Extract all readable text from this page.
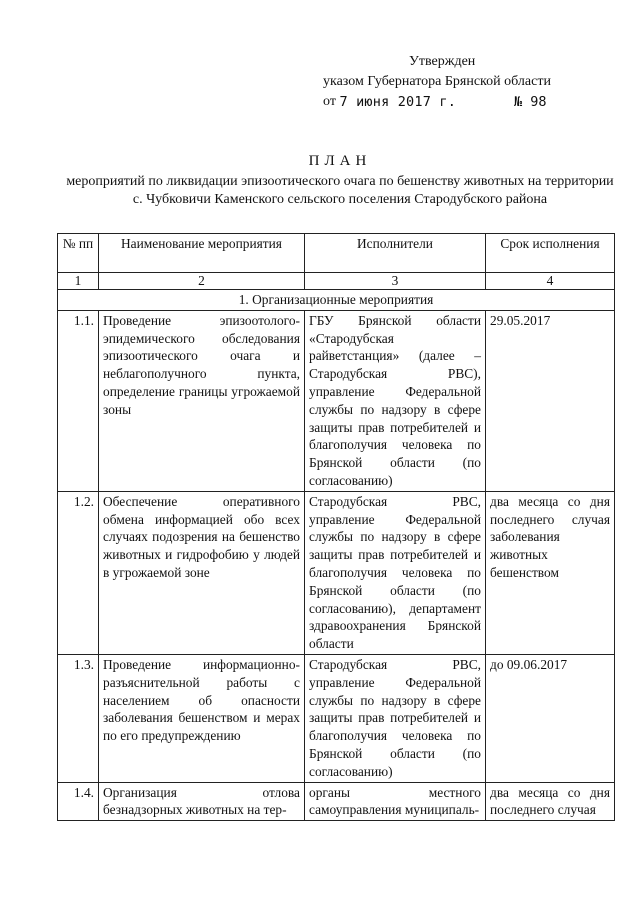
Утвержден
указом Губернатора Брянской области
от
7 июня 2017 г.	№ 98
ПЛАН
мероприятий по ликвидации эпизоотического очага по бешенству животных на территории с. Чубковичи Каменского сельского поселения Стародубского района
№ пп	Наименование мероприятия	Исполнители	Срок исполнения
1	2	3	4
1. Организационные мероприятия			
1.1.	Проведение эпизоотолого-эпидемического обследования эпизоотического очага и неблагополучного пункта, определение границы угрожаемой зоны	ГБУ Брянской области «Стародубская райветстанция» (далее – Стародубская РВС), управление Федеральной службы по надзору в сфере защиты прав потребителей и благополучия человека по Брянской области (по согласованию)	29.05.2017
1.2.	Обеспечение оперативного обмена информацией обо всех случаях подозрения на бешенство животных и гидрофобию у людей в угрожаемой зоне	Стародубская РВС, управление Федеральной службы по надзору в сфере защиты прав потребителей и благополучия человека по Брянской области (по согласованию), департамент здравоохранения Брянской области	два месяца со дня последнего случая заболевания животных бешенством
1.3.	Проведение информационно-разъяснительной работы с населением об опасности заболевания бешенством и мерах по его предупреждению	Стародубская РВС, управление Федеральной службы по надзору в сфере защиты прав потребителей и благополучия человека по Брянской области (по согласованию)	до 09.06.2017
1.4.	Организация отлова безнадзорных животных на тер-	органы местного самоуправления муниципаль-	два месяца со дня последнего случая
